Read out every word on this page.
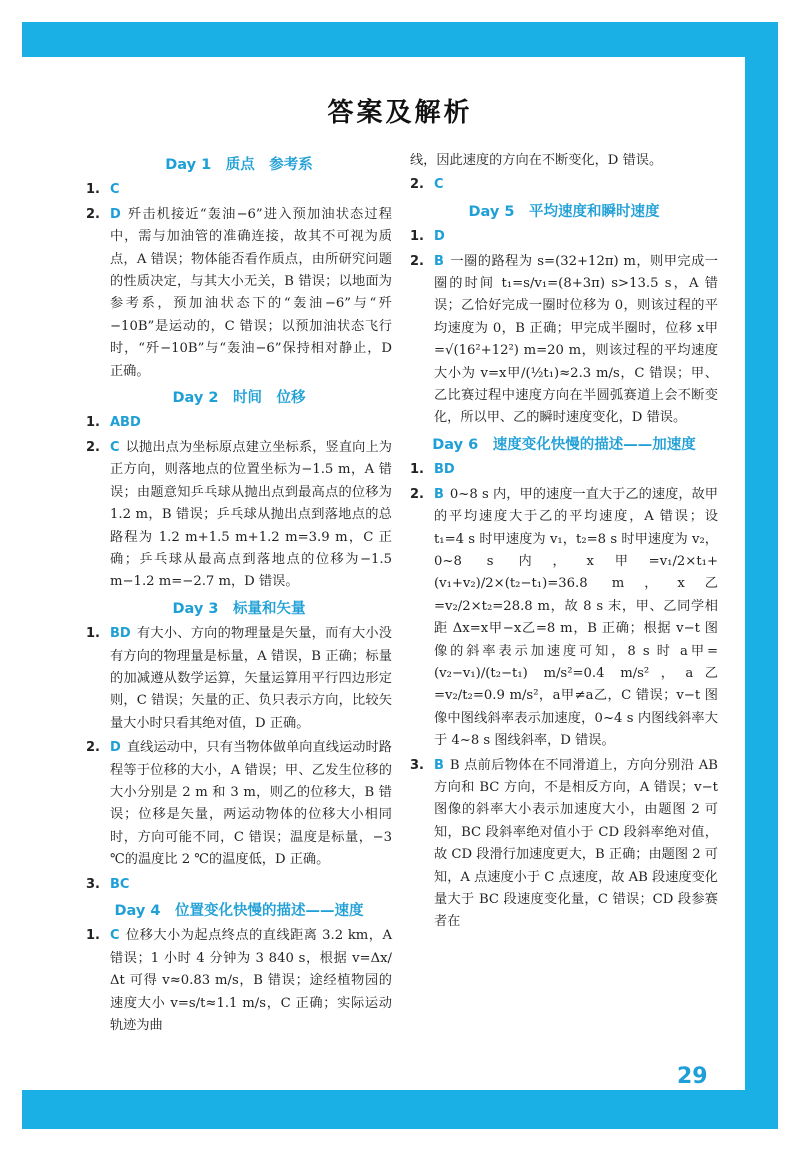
答案及解析
Day 1　质点　参考系
1. C
2. D 歼击机接近“轰油−6”进入预加油状态过程中，需与加油管的准确连接，故其不可视为质点，A 错误；物体能否看作质点，由所研究问题的性质决定，与其大小无关，B 错误；以地面为参考系，预加油状态下的“轰油−6”与“歼−10B”是运动的，C 错误；以预加油状态飞行时，“歼−10B”与“轰油−6”保持相对静止，D 正确。
Day 2　时间　位移
1. ABD
2. C 以抛出点为坐标原点建立坐标系，竖直向上为正方向，则落地点的位置坐标为−1.5 m，A 错误；由题意知乒乓球从抛出点到最高点的位移为 1.2 m，B 错误；乒乓球从抛出点到落地点的总路程为 1.2 m+1.5 m+1.2 m=3.9 m，C 正确；乒乓球从最高点到落地点的位移为−1.5 m−1.2 m=−2.7 m，D 错误。
Day 3　标量和矢量
1. BD 有大小、方向的物理量是矢量，而有大小没有方向的物理量是标量，A 错误，B 正确；标量的加减遵从数学运算，矢量运算用平行四边形定则，C 错误；矢量的正、负只表示方向，比较矢量大小时只看其绝对值，D 正确。
2. D 直线运动中，只有当物体做单向直线运动时路程等于位移的大小，A 错误；甲、乙发生位移的大小分别是 2 m 和 3 m，则乙的位移大，B 错误；位移是矢量，两运动物体的位移大小相同时，方向可能不同，C 错误；温度是标量，−3 ℃的温度比 2 ℃的温度低，D 正确。
3. BC
Day 4　位置变化快慢的描述——速度
1. C 位移大小为起点终点的直线距离 3.2 km，A 错误；1 小时 4 分钟为 3 840 s，根据 v=Δx/Δt 可得 v≈0.83 m/s，B 错误；途经植物园的速度大小 v=s/t≈1.1 m/s，C 正确；实际运动轨迹为曲
线，因此速度的方向在不断变化，D 错误。
2. C
Day 5　平均速度和瞬时速度
1. D
2. B 一圈的路程为 s=(32+12π) m，则甲完成一圈的时间 t₁=s/v₁=(8+3π) s>13.5 s，A 错误；乙恰好完成一圈时位移为 0，则该过程的平均速度为 0，B 正确；甲完成半圈时，位移 x甲=√(16²+12²) m=20 m，则该过程的平均速度大小为 v=x甲/(½t₁)≈2.3 m/s，C 错误；甲、乙比赛过程中速度方向在半圆弧赛道上会不断变化，所以甲、乙的瞬时速度变化，D 错误。
Day 6　速度变化快慢的描述——加速度
1. BD
2. B 0~8 s 内，甲的速度一直大于乙的速度，故甲的平均速度大于乙的平均速度，A 错误；设 t₁=4 s 时甲速度为 v₁，t₂=8 s 时甲速度为 v₂，0~8 s 内，x甲=v₁/2×t₁+(v₁+v₂)/2×(t₂−t₁)=36.8 m，x乙=v₂/2×t₂=28.8 m，故 8 s 末，甲、乙同学相距 Δx=x甲−x乙=8 m，B 正确；根据 v−t 图像的斜率表示加速度可知，8 s 时 a甲=(v₂−v₁)/(t₂−t₁) m/s²=0.4 m/s²，a乙=v₂/t₂=0.9 m/s²，a甲≠a乙，C 错误；v−t 图像中图线斜率表示加速度，0~4 s 内图线斜率大于 4~8 s 图线斜率，D 错误。
3. B B 点前后物体在不同滑道上，方向分别沿 AB 方向和 BC 方向，不是相反方向，A 错误；v−t 图像的斜率大小表示加速度大小，由题图 2 可知，BC 段斜率绝对值小于 CD 段斜率绝对值，故 CD 段滑行加速度更大，B 正确；由题图 2 可知，A 点速度小于 C 点速度，故 AB 段速度变化量大于 BC 段速度变化量，C 错误；CD 段参赛者在
29
